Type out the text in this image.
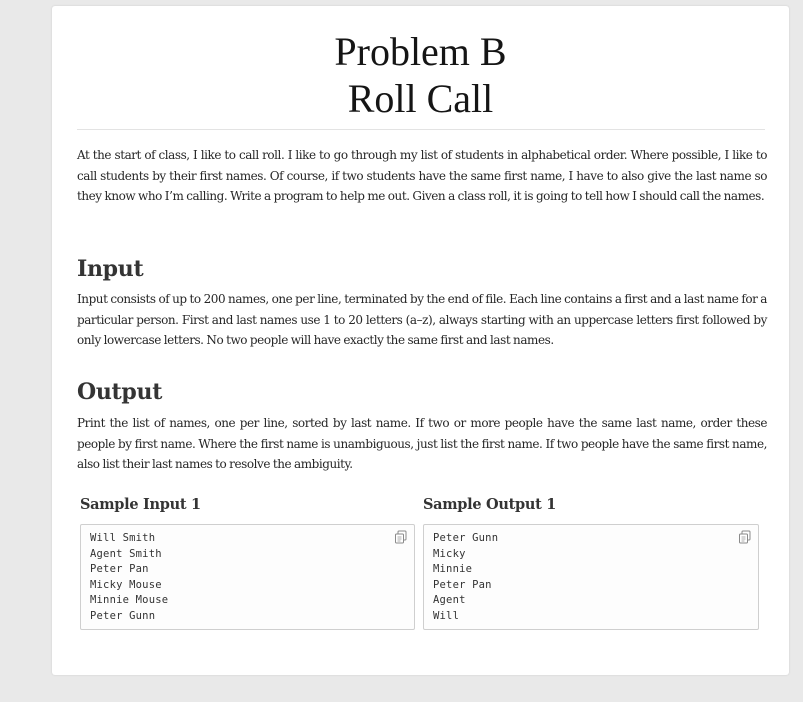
Problem B
Roll Call
At the start of class, I like to call roll. I like to go through my list of students in alphabetical order. Where possible, I like to call students by their first names. Of course, if two students have the same first name, I have to also give the last name so they know who I’m calling. Write a program to help me out. Given a class roll, it is going to tell how I should call the names.
Input
Input consists of up to 200 names, one per line, terminated by the end of file. Each line contains a first and a last name for a particular person. First and last names use 1 to 20 letters (a–z), always starting with an uppercase letters first followed by only lowercase letters. No two people will have exactly the same first and last names.
Output
Print the list of names, one per line, sorted by last name. If two or more people have the same last name, order these people by first name. Where the first name is unambiguous, just list the first name. If two people have the same first name, also list their last names to resolve the ambiguity.
Sample Input 1	Sample Output 1
Will Smith
Agent Smith
Peter Pan
Micky Mouse
Minnie Mouse
Peter Gunn
Peter Gunn
Micky
Minnie
Peter Pan
Agent
Will
